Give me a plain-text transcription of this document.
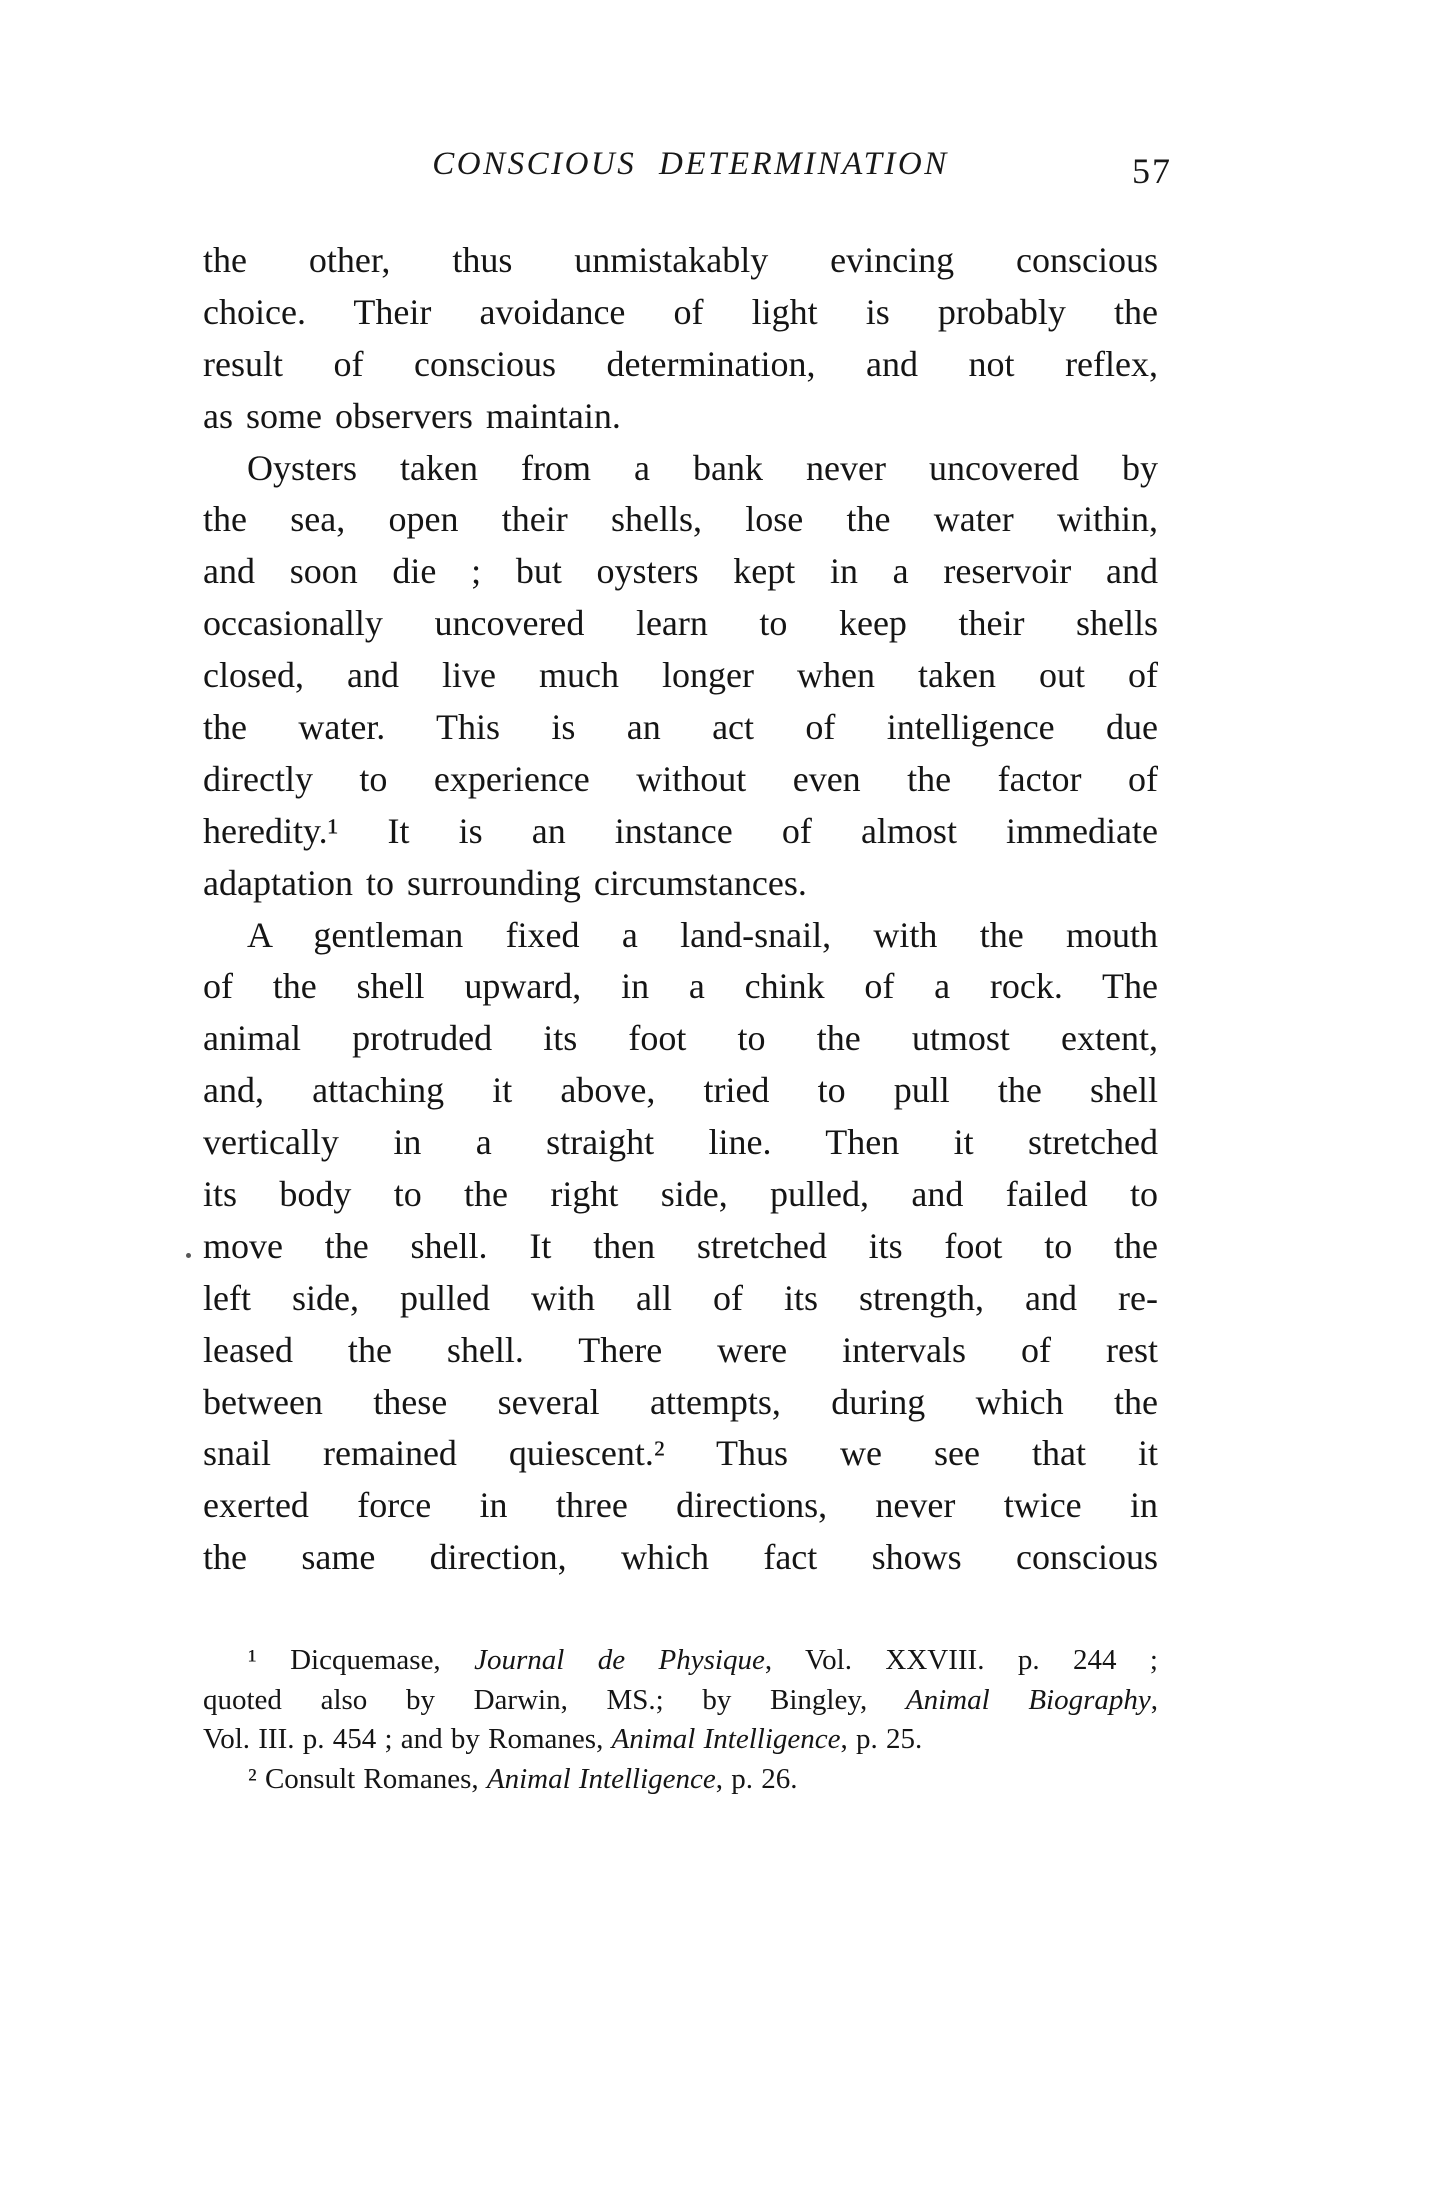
CONSCIOUS DETERMINATION	57
the other, thus unmistakably evincing conscious
choice. Their avoidance of light is probably the
result of conscious determination, and not reflex,
as some observers maintain.
Oysters taken from a bank never uncovered by
the sea, open their shells, lose the water within,
and soon die ; but oysters kept in a reservoir and
occasionally uncovered learn to keep their shells
closed, and live much longer when taken out of
the water. This is an act of intelligence due
directly to experience without even the factor of
heredity.¹ It is an instance of almost immediate
adaptation to surrounding circumstances.
A gentleman fixed a land-snail, with the mouth
of the shell upward, in a chink of a rock. The
animal protruded its foot to the utmost extent,
and, attaching it above, tried to pull the shell
vertically in a straight line. Then it stretched
its body to the right side, pulled, and failed to
move the shell. It then stretched its foot to the
left side, pulled with all of its strength, and re-
leased the shell. There were intervals of rest
between these several attempts, during which the
snail remained quiescent.² Thus we see that it
exerted force in three directions, never twice in
the same direction, which fact shows conscious
¹ Dicquemase, Journal de Physique, Vol. XXVIII. p. 244 ;
quoted also by Darwin, MS.; by Bingley, Animal Biography,
Vol. III. p. 454 ; and by Romanes, Animal Intelligence, p. 25.
² Consult Romanes, Animal Intelligence, p. 26.
